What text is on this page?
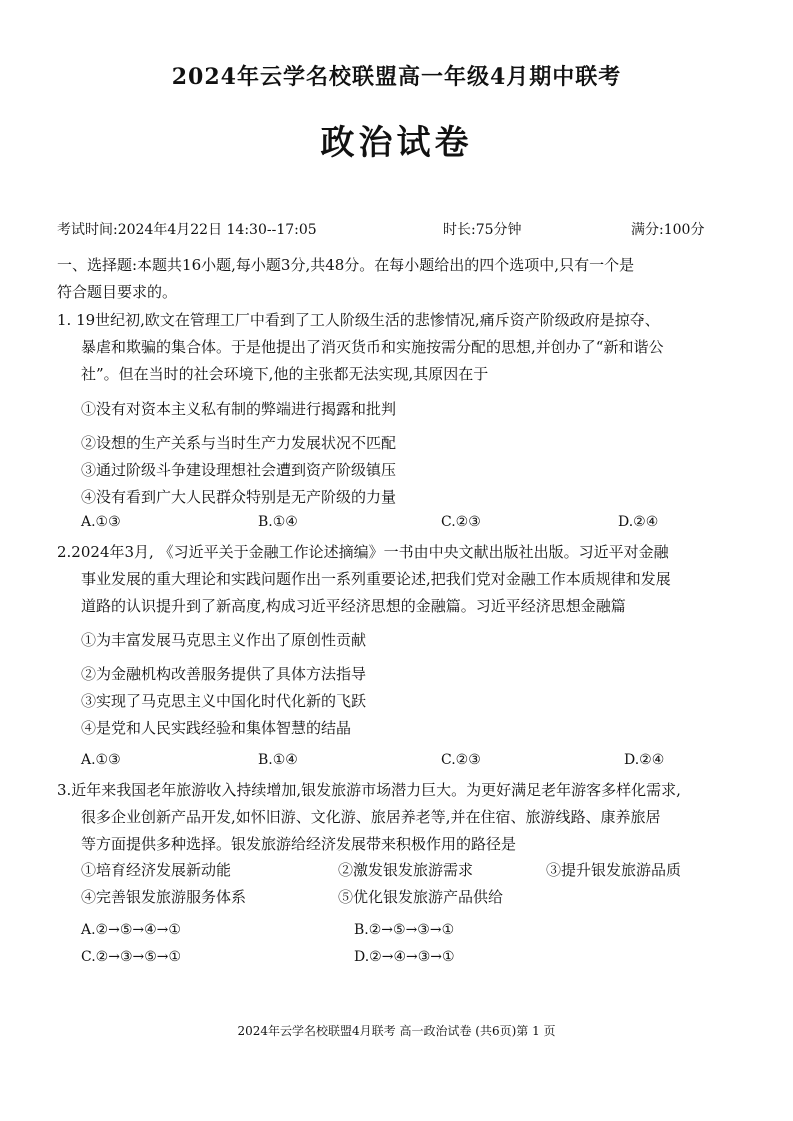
2024年云学名校联盟高一年级4月期中联考
政治试卷
考试时间:2024年4月22日 14:30--17:05	时长:75分钟	满分:100分
一、选择题:本题共16小题,每小题3分,共48分。在每小题给出的四个选项中,只有一个是
符合题目要求的。
1. 19世纪初,欧文在管理工厂中看到了工人阶级生活的悲惨情况,痛斥资产阶级政府是掠夺、
暴虐和欺骗的集合体。于是他提出了消灭货币和实施按需分配的思想,并创办了“新和谐公
社”。但在当时的社会环境下,他的主张都无法实现,其原因在于
①没有对资本主义私有制的弊端进行揭露和批判
②设想的生产关系与当时生产力发展状况不匹配
③通过阶级斗争建设理想社会遭到资产阶级镇压
④没有看到广大人民群众特别是无产阶级的力量
A.①③	B.①④	C.②③	D.②④
2.2024年3月, 《习近平关于金融工作论述摘编》一书由中央文献出版社出版。习近平对金融
事业发展的重大理论和实践问题作出一系列重要论述,把我们党对金融工作本质规律和发展
道路的认识提升到了新高度,构成习近平经济思想的金融篇。习近平经济思想金融篇
①为丰富发展马克思主义作出了原创性贡献
②为金融机构改善服务提供了具体方法指导
③实现了马克思主义中国化时代化新的飞跃
④是党和人民实践经验和集体智慧的结晶
A.①③	B.①④	C.②③	D.②④
3.近年来我国老年旅游收入持续增加,银发旅游市场潜力巨大。为更好满足老年游客多样化需求,
很多企业创新产品开发,如怀旧游、文化游、旅居养老等,并在住宿、旅游线路、康养旅居
等方面提供多种选择。银发旅游给经济发展带来积极作用的路径是
①培育经济发展新动能	②激发银发旅游需求	③提升银发旅游品质
④完善银发旅游服务体系	⑤优化银发旅游产品供给
A.②→⑤→④→①	B.②→⑤→③→①
C.②→③→⑤→①	D.②→④→③→①
2024年云学名校联盟4月联考 高一政治试卷 (共6页)第 1 页
